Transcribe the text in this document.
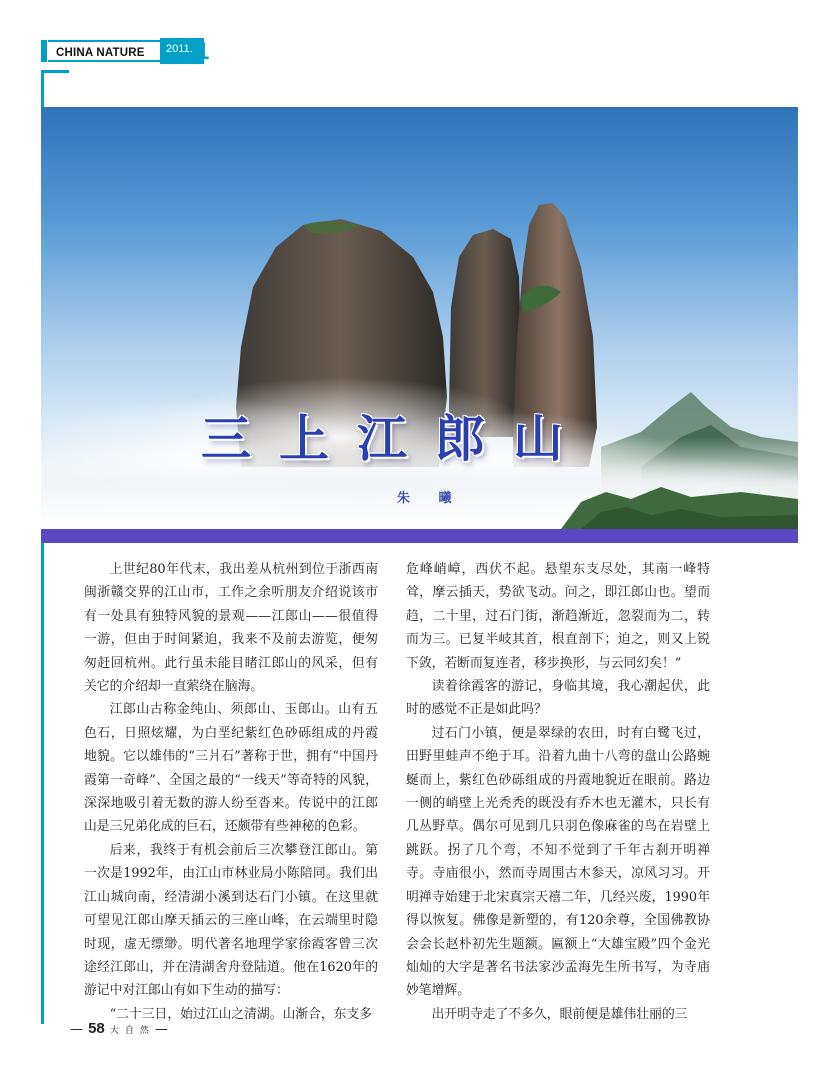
CHINA NATURE	2011. 1
三上江郎山
朱 曦

上世纪80年代末，我出差从杭州到位于浙西南闽浙赣交界的江山市，工作之余听朋友介绍说该市有一处具有独特风貌的景观——江郎山——很值得一游，但由于时间紧迫，我来不及前去游览，便匆匆赶回杭州。此行虽未能目睹江郎山的风采，但有关它的介绍却一直萦绕在脑海。

江郎山古称金纯山、须郎山、玉郎山。山有五色石，日照炫耀，为白垩纪紫红色砂砾组成的丹霞地貌。它以雄伟的“三爿石”著称于世，拥有“中国丹霞第一奇峰”、全国之最的“一线天”等奇特的风貌，深深地吸引着无数的游人纷至沓来。传说中的江郎山是三兄弟化成的巨石，还颇带有些神秘的色彩。

后来，我终于有机会前后三次攀登江郎山。第一次是1992年，由江山市林业局小陈陪同。我们出江山城向南，经清湖小溪到达石门小镇。在这里就可望见江郎山摩天插云的三座山峰，在云端里时隐时现，虚无缥缈。明代著名地理学家徐霞客曾三次途经江郎山，并在清湖舍舟登陆道。他在1620年的游记中对江郎山有如下生动的描写：

“二十三日，始过江山之清湖。山渐合，东支多

危峰峭嶂，西伏不起。悬望东支尽处，其南一峰特耸，摩云插天，势欲飞动。问之，即江郎山也。望而趋，二十里，过石门街，渐趋渐近，忽裂而为二，转而为三。已复半岐其首，根直剖下；迫之，则又上锐下敛，若断而复连者，移步换形，与云同幻矣！”

读着徐霞客的游记，身临其境，我心潮起伏，此时的感觉不正是如此吗？

过石门小镇，便是翠绿的农田，时有白鹭飞过，田野里蛙声不绝于耳。沿着九曲十八弯的盘山公路蜿蜒而上，紫红色砂砾组成的丹霞地貌近在眼前。路边一侧的峭壁上光秃秃的既没有乔木也无灌木，只长有几丛野草。偶尔可见到几只羽色像麻雀的鸟在岩壁上跳跃。拐了几个弯，不知不觉到了千年古刹开明禅寺。寺庙很小，然而寺周围古木参天，凉风习习。开明禅寺始建于北宋真宗天禧二年，几经兴废，1990年得以恢复。佛像是新塑的，有120余尊，全国佛教协会会长赵朴初先生题额。匾额上“大雄宝殿”四个金光灿灿的大字是著名书法家沙孟海先生所书写，为寺庙妙笔增辉。

出开明寺走了不多久，眼前便是雄伟壮丽的三

— 58 大自然—
